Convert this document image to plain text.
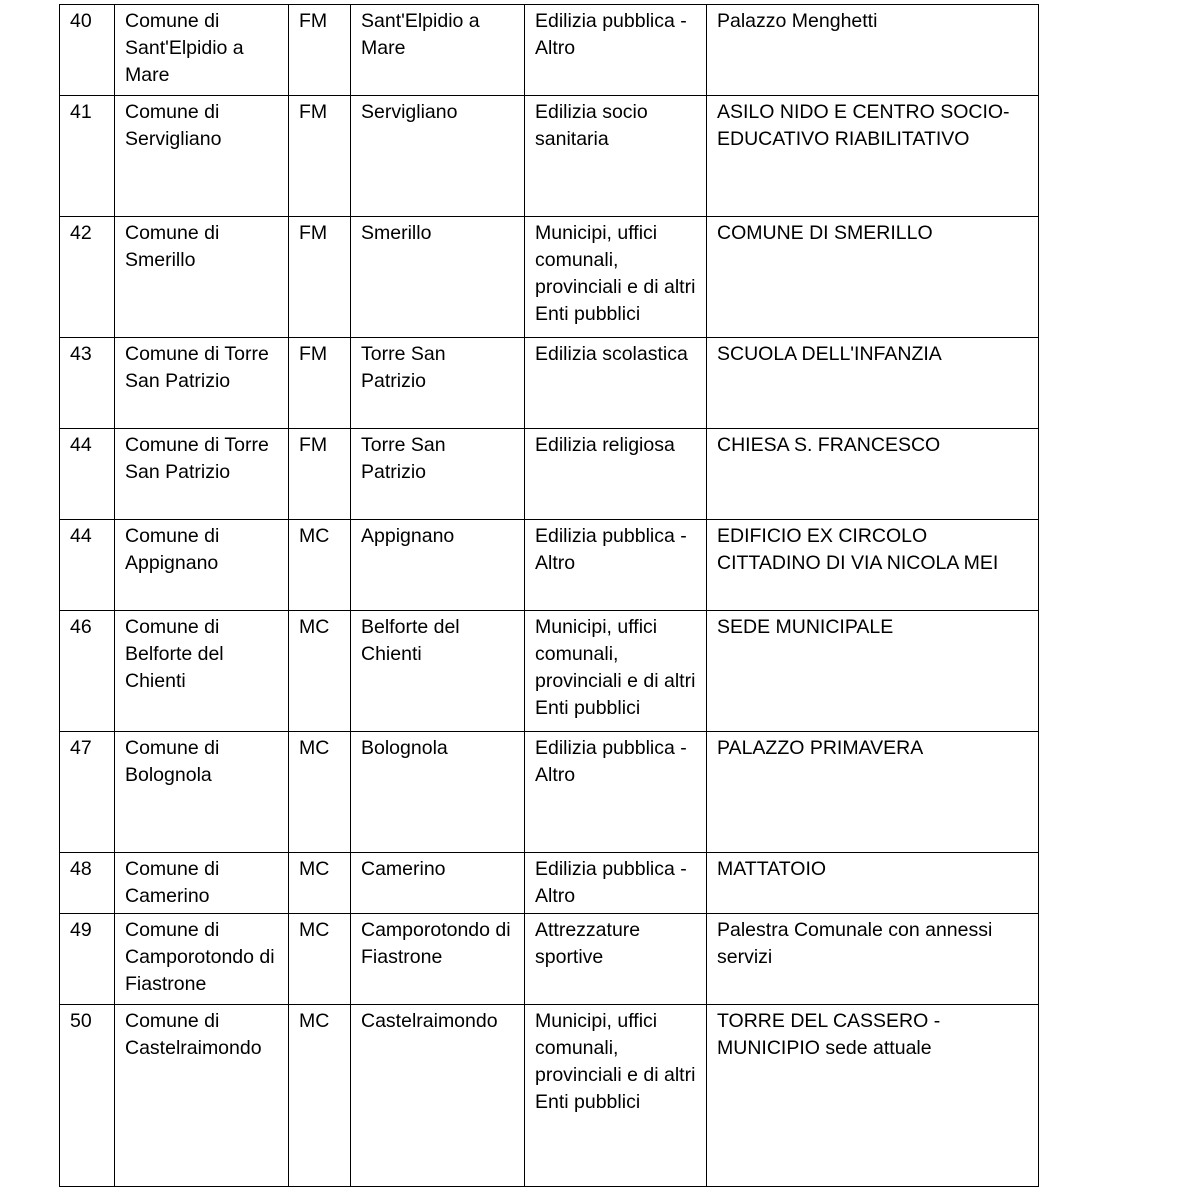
40	Comune di Sant'Elpidio a Mare	FM	Sant'Elpidio a Mare	Edilizia pubblica - Altro	Palazzo Menghetti
41	Comune di Servigliano	FM	Servigliano	Edilizia socio sanitaria	ASILO NIDO E CENTRO SOCIO-EDUCATIVO RIABILITATIVO
42	Comune di Smerillo	FM	Smerillo	Municipi, uffici comunali, provinciali e di altri Enti pubblici	COMUNE DI SMERILLO
43	Comune di Torre San Patrizio	FM	Torre San Patrizio	Edilizia scolastica	SCUOLA DELL'INFANZIA
44	Comune di Torre San Patrizio	FM	Torre San Patrizio	Edilizia religiosa	CHIESA S. FRANCESCO
44	Comune di Appignano	MC	Appignano	Edilizia pubblica - Altro	EDIFICIO EX CIRCOLO CITTADINO DI VIA NICOLA MEI
46	Comune di Belforte del Chienti	MC	Belforte del Chienti	Municipi, uffici comunali, provinciali e di altri Enti pubblici	SEDE MUNICIPALE
47	Comune di Bolognola	MC	Bolognola	Edilizia pubblica - Altro	PALAZZO PRIMAVERA
48	Comune di Camerino	MC	Camerino	Edilizia pubblica - Altro	MATTATOIO
49	Comune di Camporotondo di Fiastrone	MC	Camporotondo di Fiastrone	Attrezzature sportive	Palestra Comunale con annessi servizi
50	Comune di Castelraimondo	MC	Castelraimondo	Municipi, uffici comunali, provinciali e di altri Enti pubblici	TORRE DEL CASSERO - MUNICIPIO sede attuale
